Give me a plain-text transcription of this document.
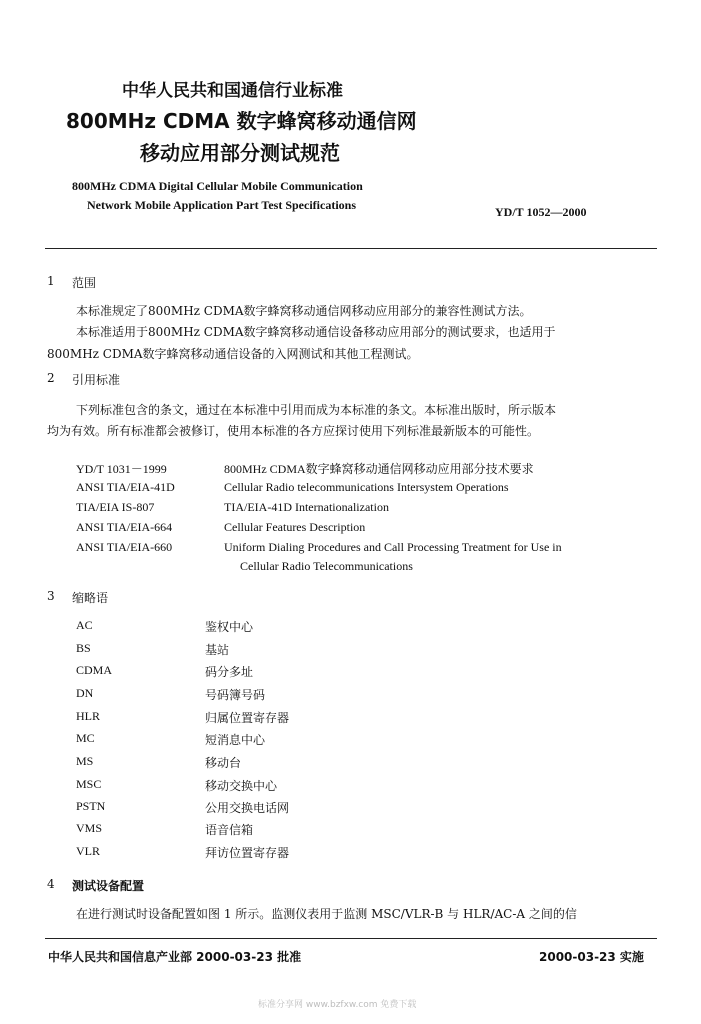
中华人民共和国通信行业标准
800MHz CDMA 数字蜂窝移动通信网
移动应用部分测试规范
800MHz CDMA Digital Cellular Mobile Communication
Network Mobile Application Part Test Specifications	YD/T 1052—2000
1 范围
本标准规定了800MHz CDMA数字蜂窝移动通信网移动应用部分的兼容性测试方法。
本标准适用于800MHz CDMA数字蜂窝移动通信设备移动应用部分的测试要求，也适用于
800MHz CDMA数字蜂窝移动通信设备的入网测试和其他工程测试。
2 引用标准
下列标准包含的条文，通过在本标准中引用而成为本标准的条文。本标准出版时，所示版本
均为有效。所有标准都会被修订，使用本标准的各方应探讨使用下列标准最新版本的可能性。
YD/T 1031－1999	800MHz CDMA数字蜂窝移动通信网移动应用部分技术要求
ANSI TIA/EIA-41D	Cellular Radio telecommunications Intersystem Operations
TIA/EIA IS-807	TIA/EIA-41D Internationalization
ANSI TIA/EIA-664	Cellular Features Description
ANSI TIA/EIA-660	Uniform Dialing Procedures and Call Processing Treatment for Use in
Cellular Radio Telecommunications
3 缩略语
AC	鉴权中心
BS	基站
CDMA	码分多址
DN	号码簿号码
HLR	归属位置寄存器
MC	短消息中心
MS	移动台
MSC	移动交换中心
PSTN	公用交换电话网
VMS	语音信箱
VLR	拜访位置寄存器
4 测试设备配置
在进行测试时设备配置如图 1 所示。监测仪表用于监测 MSC/VLR-B 与 HLR/AC-A 之间的信
中华人民共和国信息产业部 2000-03-23 批准	2000-03-23 实施
标准分享网 www.bzfxw.com 免费下载
